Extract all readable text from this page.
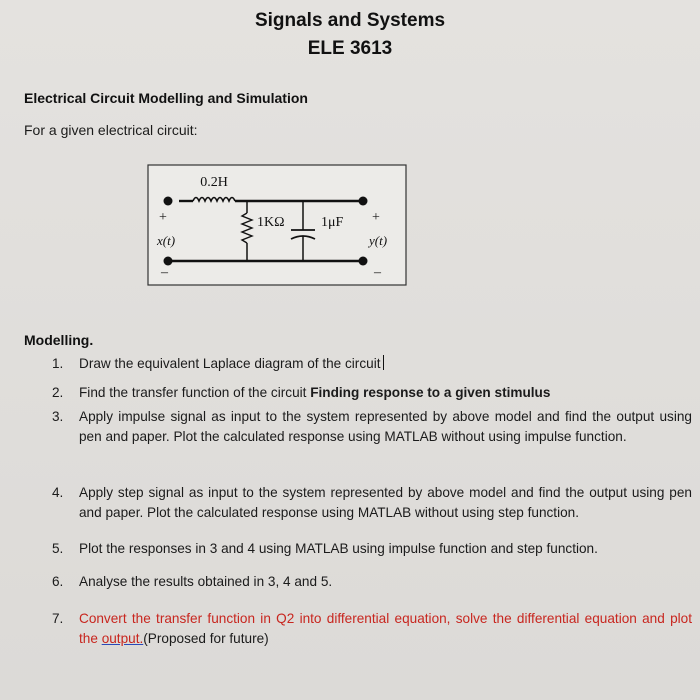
Signals and Systems
ELE 3613
Electrical Circuit Modelling and Simulation
For a given electrical circuit:
0.2H
1KΩ	1μF
+
x(t)
–
+
y(t)
–
Modelling.
1.	Draw the equivalent Laplace diagram of the circuit
2.	Find the transfer function of the circuit Finding response to a given stimulus
3.	Apply impulse signal as input to the system represented by above model and find the output using pen and paper. Plot the calculated response using MATLAB without using impulse function.
4.	Apply step signal as input to the system represented by above model and find the output using pen and paper. Plot the calculated response using MATLAB without using step function.
5.	Plot the responses in 3 and 4 using MATLAB using impulse function and step function.
6.	Analyse the results obtained in 3, 4 and 5.
7.	Convert the transfer function in Q2 into differential equation, solve the differential equation and plot the output.(Proposed for future)
